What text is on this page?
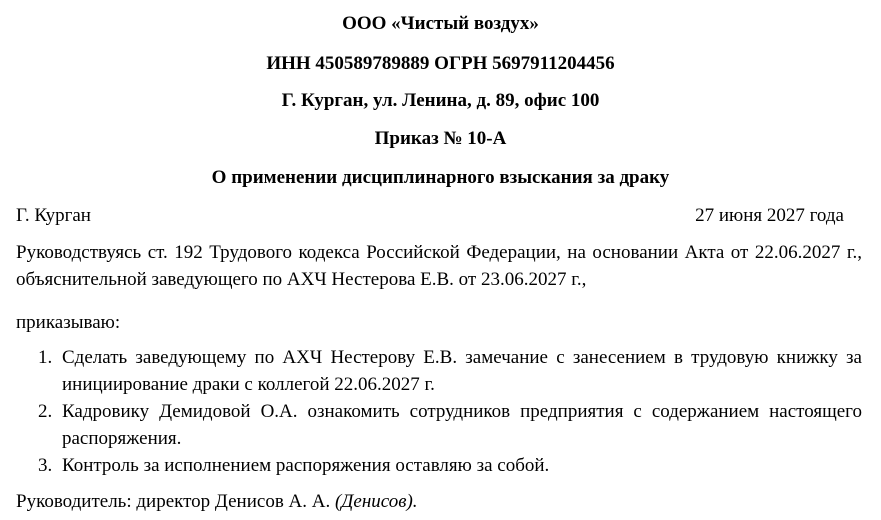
ООО «Чистый воздух»
ИНН 450589789889 ОГРН 5697911204456
Г. Курган, ул. Ленина, д. 89, офис 100
Приказ № 10-А
О применении дисциплинарного взыскания за драку
Г. Курган	27 июня 2027 года
Руководствуясь ст. 192 Трудового кодекса Российской Федерации, на основании Акта от 22.06.2027 г., объяснительной заведующего по АХЧ Нестерова Е.В. от 23.06.2027 г.,
приказываю:
1. Сделать заведующему по АХЧ Нестерову Е.В. замечание с занесением в трудовую книжку за инициирование драки с коллегой 22.06.2027 г.
2. Кадровику Демидовой О.А. ознакомить сотрудников предприятия с содержанием настоящего распоряжения.
3. Контроль за исполнением распоряжения оставляю за собой.
Руководитель: директор Денисов А. А. (Денисов).
